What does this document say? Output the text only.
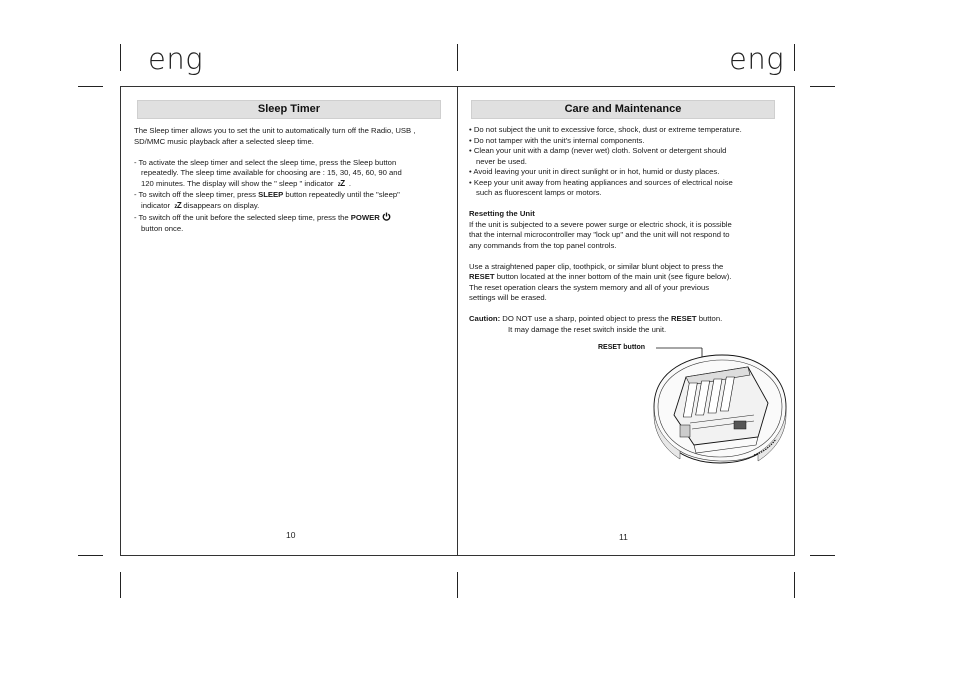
eng	eng
Sleep Timer

The Sleep timer allows you to set the unit to automatically turn off the Radio, USB ,

SD/MMC music playback after a selected sleep time.

- To activate the sleep timer and select the sleep time, press the Sleep button

repeatedly. The sleep time available for choosing are : 15, 30, 45, 60, 90 and

120 minutes. The display will show the " sleep " indicator zZ  .

- To switch off the sleep timer, press SLEEP button repeatedly until the "sleep"

indicator zZ disappears on display.

- To switch off the unit before the selected sleep time, press the POWER

button once.

10
Care and Maintenance

• Do not subject the unit to excessive force, shock, dust or extreme temperature.

• Do not tamper with the unit's internal components.

• Clean your unit with a damp (never wet) cloth. Solvent or detergent should

never be used.

• Avoid leaving your unit in direct sunlight or in hot, humid or dusty places.

• Keep your unit away from heating appliances and sources of electrical noise

such as fluorescent lamps or motors.

Resetting the Unit

If the unit is subjected to a severe power surge or electric shock, it is possible

that the internal microcontroller may "lock up" and the unit will not respond to

any commands from the top panel controls.

Use a straightened paper clip, toothpick, or similar blunt object to press the

RESET button located at the inner bottom of the main unit (see figure below).

The reset operation clears the system memory and all of your previous

settings will be erased.

Caution: DO NOT use a sharp, pointed object to press the RESET button.

It may damage the reset switch inside the unit.

RESET button
11
